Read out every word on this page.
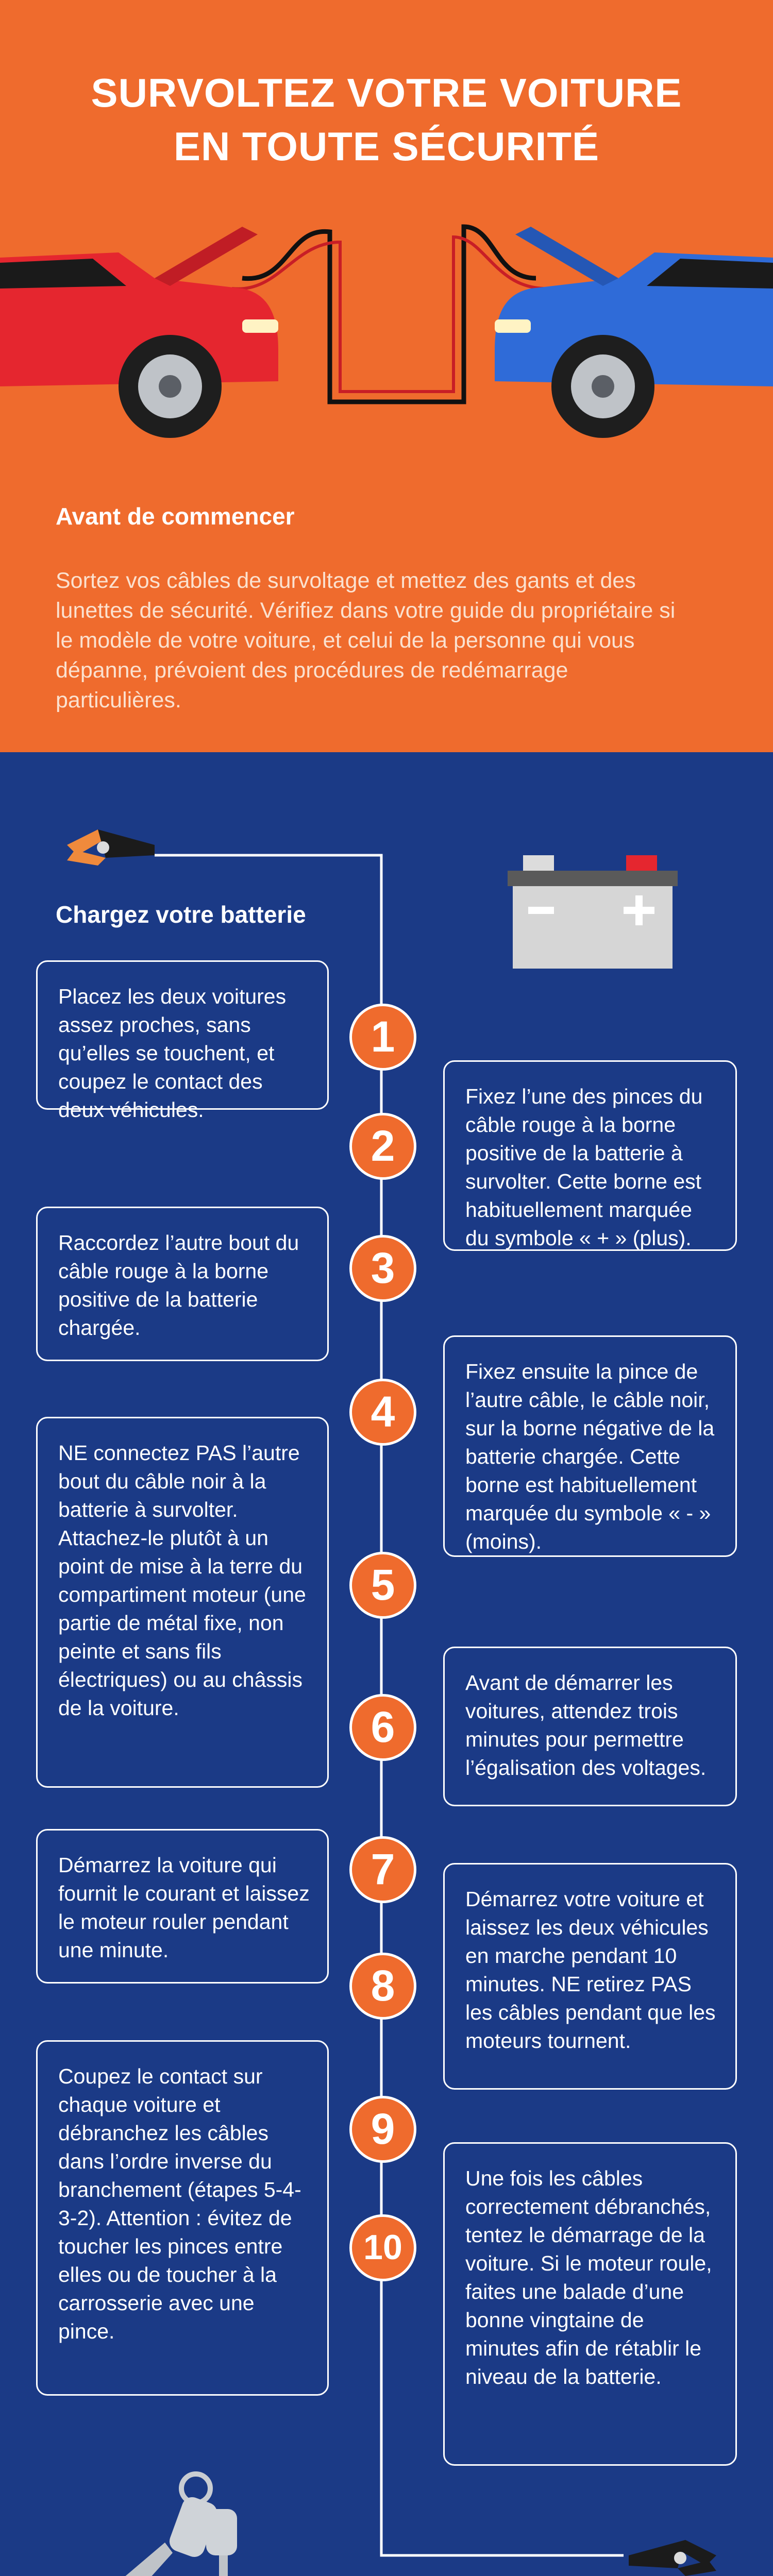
SURVOLTEZ VOTRE VOITURE
EN TOUTE SÉCURITÉ
Avant de commencer

Sortez vos câbles de survoltage et mettez des gants et des lunettes de sécurité. Vérifiez dans votre guide du propriétaire si le modèle de votre voiture, et celui de la personne qui vous dépanne, prévoient des procédures de redémarrage particulières.

Chargez votre batterie
Placez les deux voitures assez proches, sans qu’elles se touchent, et coupez le contact des deux véhicules.
Fixez l’une des pinces du câble rouge à la borne positive de la batterie à survolter. Cette borne est habituellement marquée du symbole « + » (plus).
Raccordez l’autre bout du câble rouge à la borne positive de la batterie chargée.
Fixez ensuite la pince de l’autre câble, le câble noir, sur la borne négative de la batterie chargée. Cette borne est habituellement marquée du symbole « - » (moins).
NE connectez PAS l’autre bout du câble noir à la batterie à survolter. Attachez-le plutôt à un point de mise à la terre du compartiment moteur (une partie de métal fixe, non peinte et sans fils électriques) ou au châssis de la voiture.
Avant de démarrer les voitures, attendez trois minutes pour permettre l’égalisation des voltages.
Démarrez la voiture qui fournit le courant et laissez le moteur rouler pendant une minute.
Démarrez votre voiture et laissez les deux véhicules en marche pendant 10 minutes. NE retirez PAS les câbles pendant que les moteurs tournent.
Coupez le contact sur chaque voiture et débranchez les câbles dans l’ordre inverse du branchement (étapes 5-4-3-2). Attention : évitez de toucher les pinces entre elles ou de toucher à la carrosserie avec une pince.
Une fois les câbles correctement débranchés, tentez le démarrage de la voiture. Si le moteur roule, faites une balade d’une bonne vingtaine de minutes afin de rétablir le niveau de la batterie.
1
2
3
4
5
6
7
8
9
10
